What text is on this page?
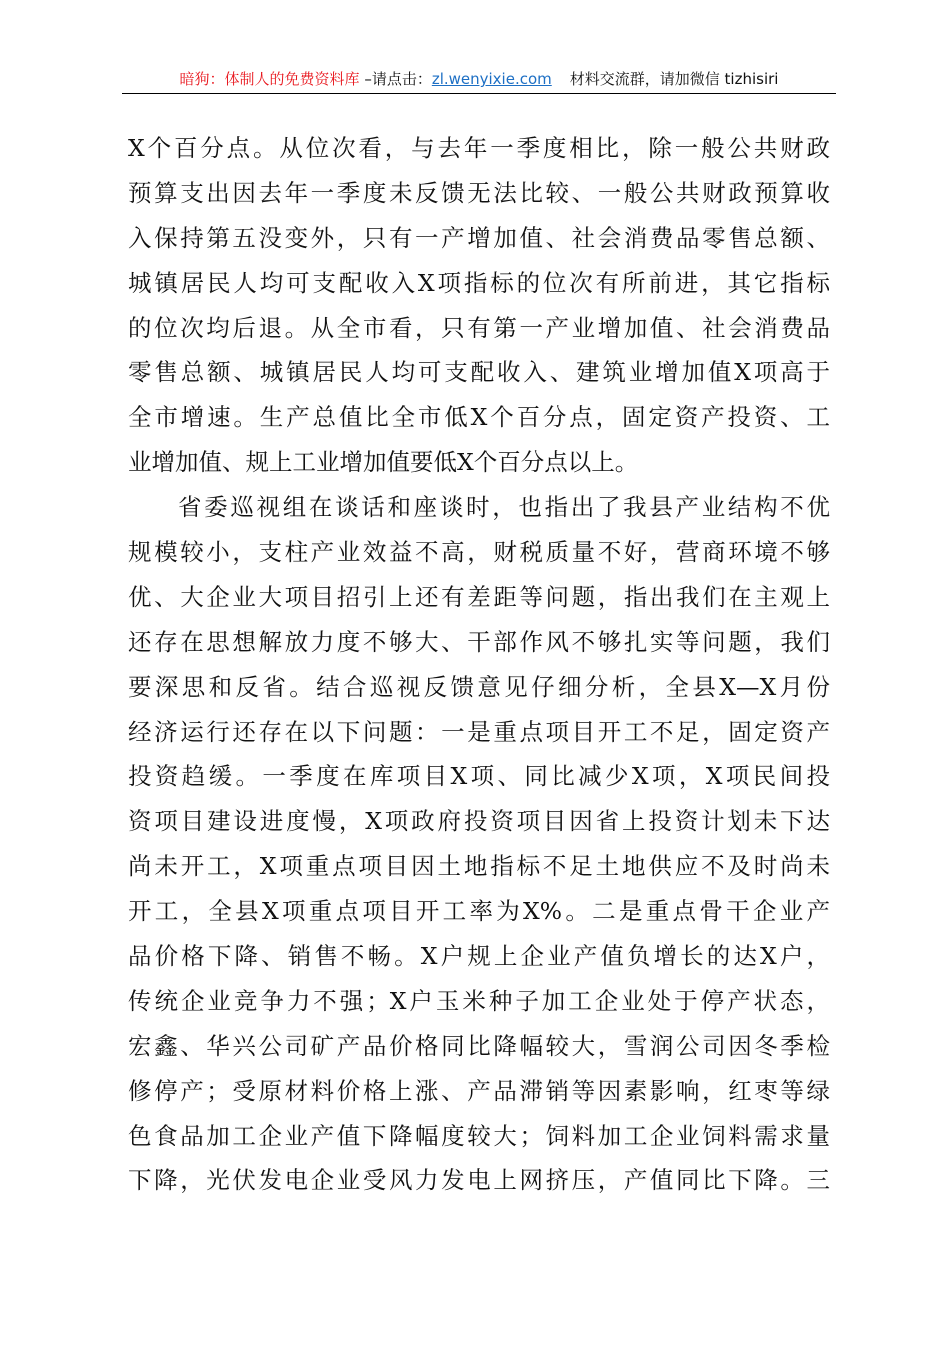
暗狗：体制人的免费资料库 –请点击：zl.wenyixie.com 材料交流群，请加微信 tizhisiri
X个百分点。从位次看，与去年一季度相比，除一般公共财政
预算支出因去年一季度未反馈无法比较、一般公共财政预算收
入保持第五没变外，只有一产增加值、社会消费品零售总额、
城镇居民人均可支配收入X项指标的位次有所前进，其它指标
的位次均后退。从全市看，只有第一产业增加值、社会消费品
零售总额、城镇居民人均可支配收入、建筑业增加值X项高于
全市增速。生产总值比全市低X个百分点，固定资产投资、工
业增加值、规上工业增加值要低X个百分点以上。
省委巡视组在谈话和座谈时，也指出了我县产业结构不优
规模较小，支柱产业效益不高，财税质量不好，营商环境不够
优、大企业大项目招引上还有差距等问题，指出我们在主观上
还存在思想解放力度不够大、干部作风不够扎实等问题，我们
要深思和反省。结合巡视反馈意见仔细分析，全县X—X月份
经济运行还存在以下问题：一是重点项目开工不足，固定资产
投资趋缓。一季度在库项目X项、同比减少X项，X项民间投
资项目建设进度慢，X项政府投资项目因省上投资计划未下达
尚未开工，X项重点项目因土地指标不足土地供应不及时尚未
开工，全县X项重点项目开工率为X%。二是重点骨干企业产
品价格下降、销售不畅。X户规上企业产值负增长的达X户，
传统企业竞争力不强；X户玉米种子加工企业处于停产状态，
宏鑫、华兴公司矿产品价格同比降幅较大，雪润公司因冬季检
修停产；受原材料价格上涨、产品滞销等因素影响，红枣等绿
色食品加工企业产值下降幅度较大；饲料加工企业饲料需求量
下降，光伏发电企业受风力发电上网挤压，产值同比下降。三
